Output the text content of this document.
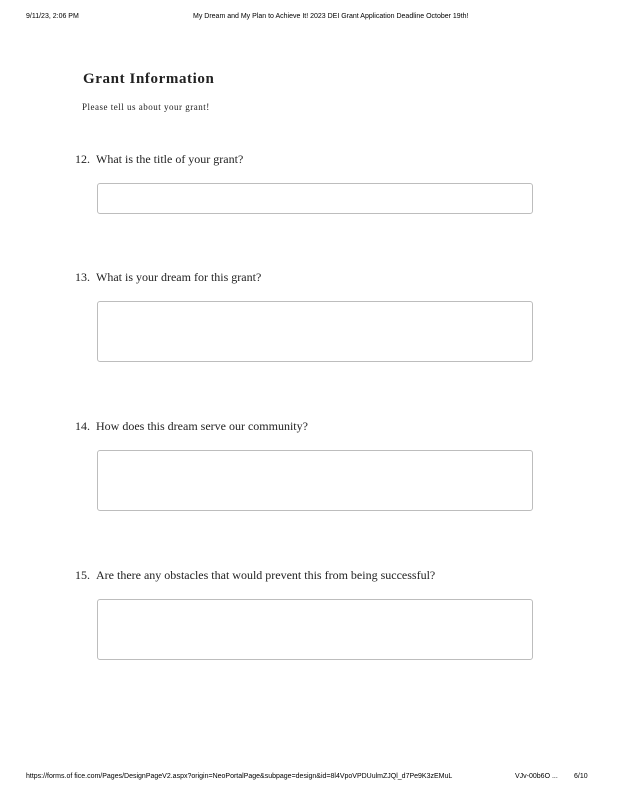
9/11/23, 2:06 PM	My Dream and My Plan to Achieve It! 2023 DEI Grant Application Deadline October 19th!
Grant Information
Please tell us about your grant!
12. What is the title of your grant?
13. What is your dream for this grant?
14. How does this dream serve our community?
15. Are there any obstacles that would prevent this from being successful?
https://forms.of fice.com/Pages/DesignPageV2.aspx?origin=NeoPortalPage&subpage=design&id=8l4VpoVPDUulmZJQl_d7Pe9K3zEMuL	VJv-00b6O ... 6/10
